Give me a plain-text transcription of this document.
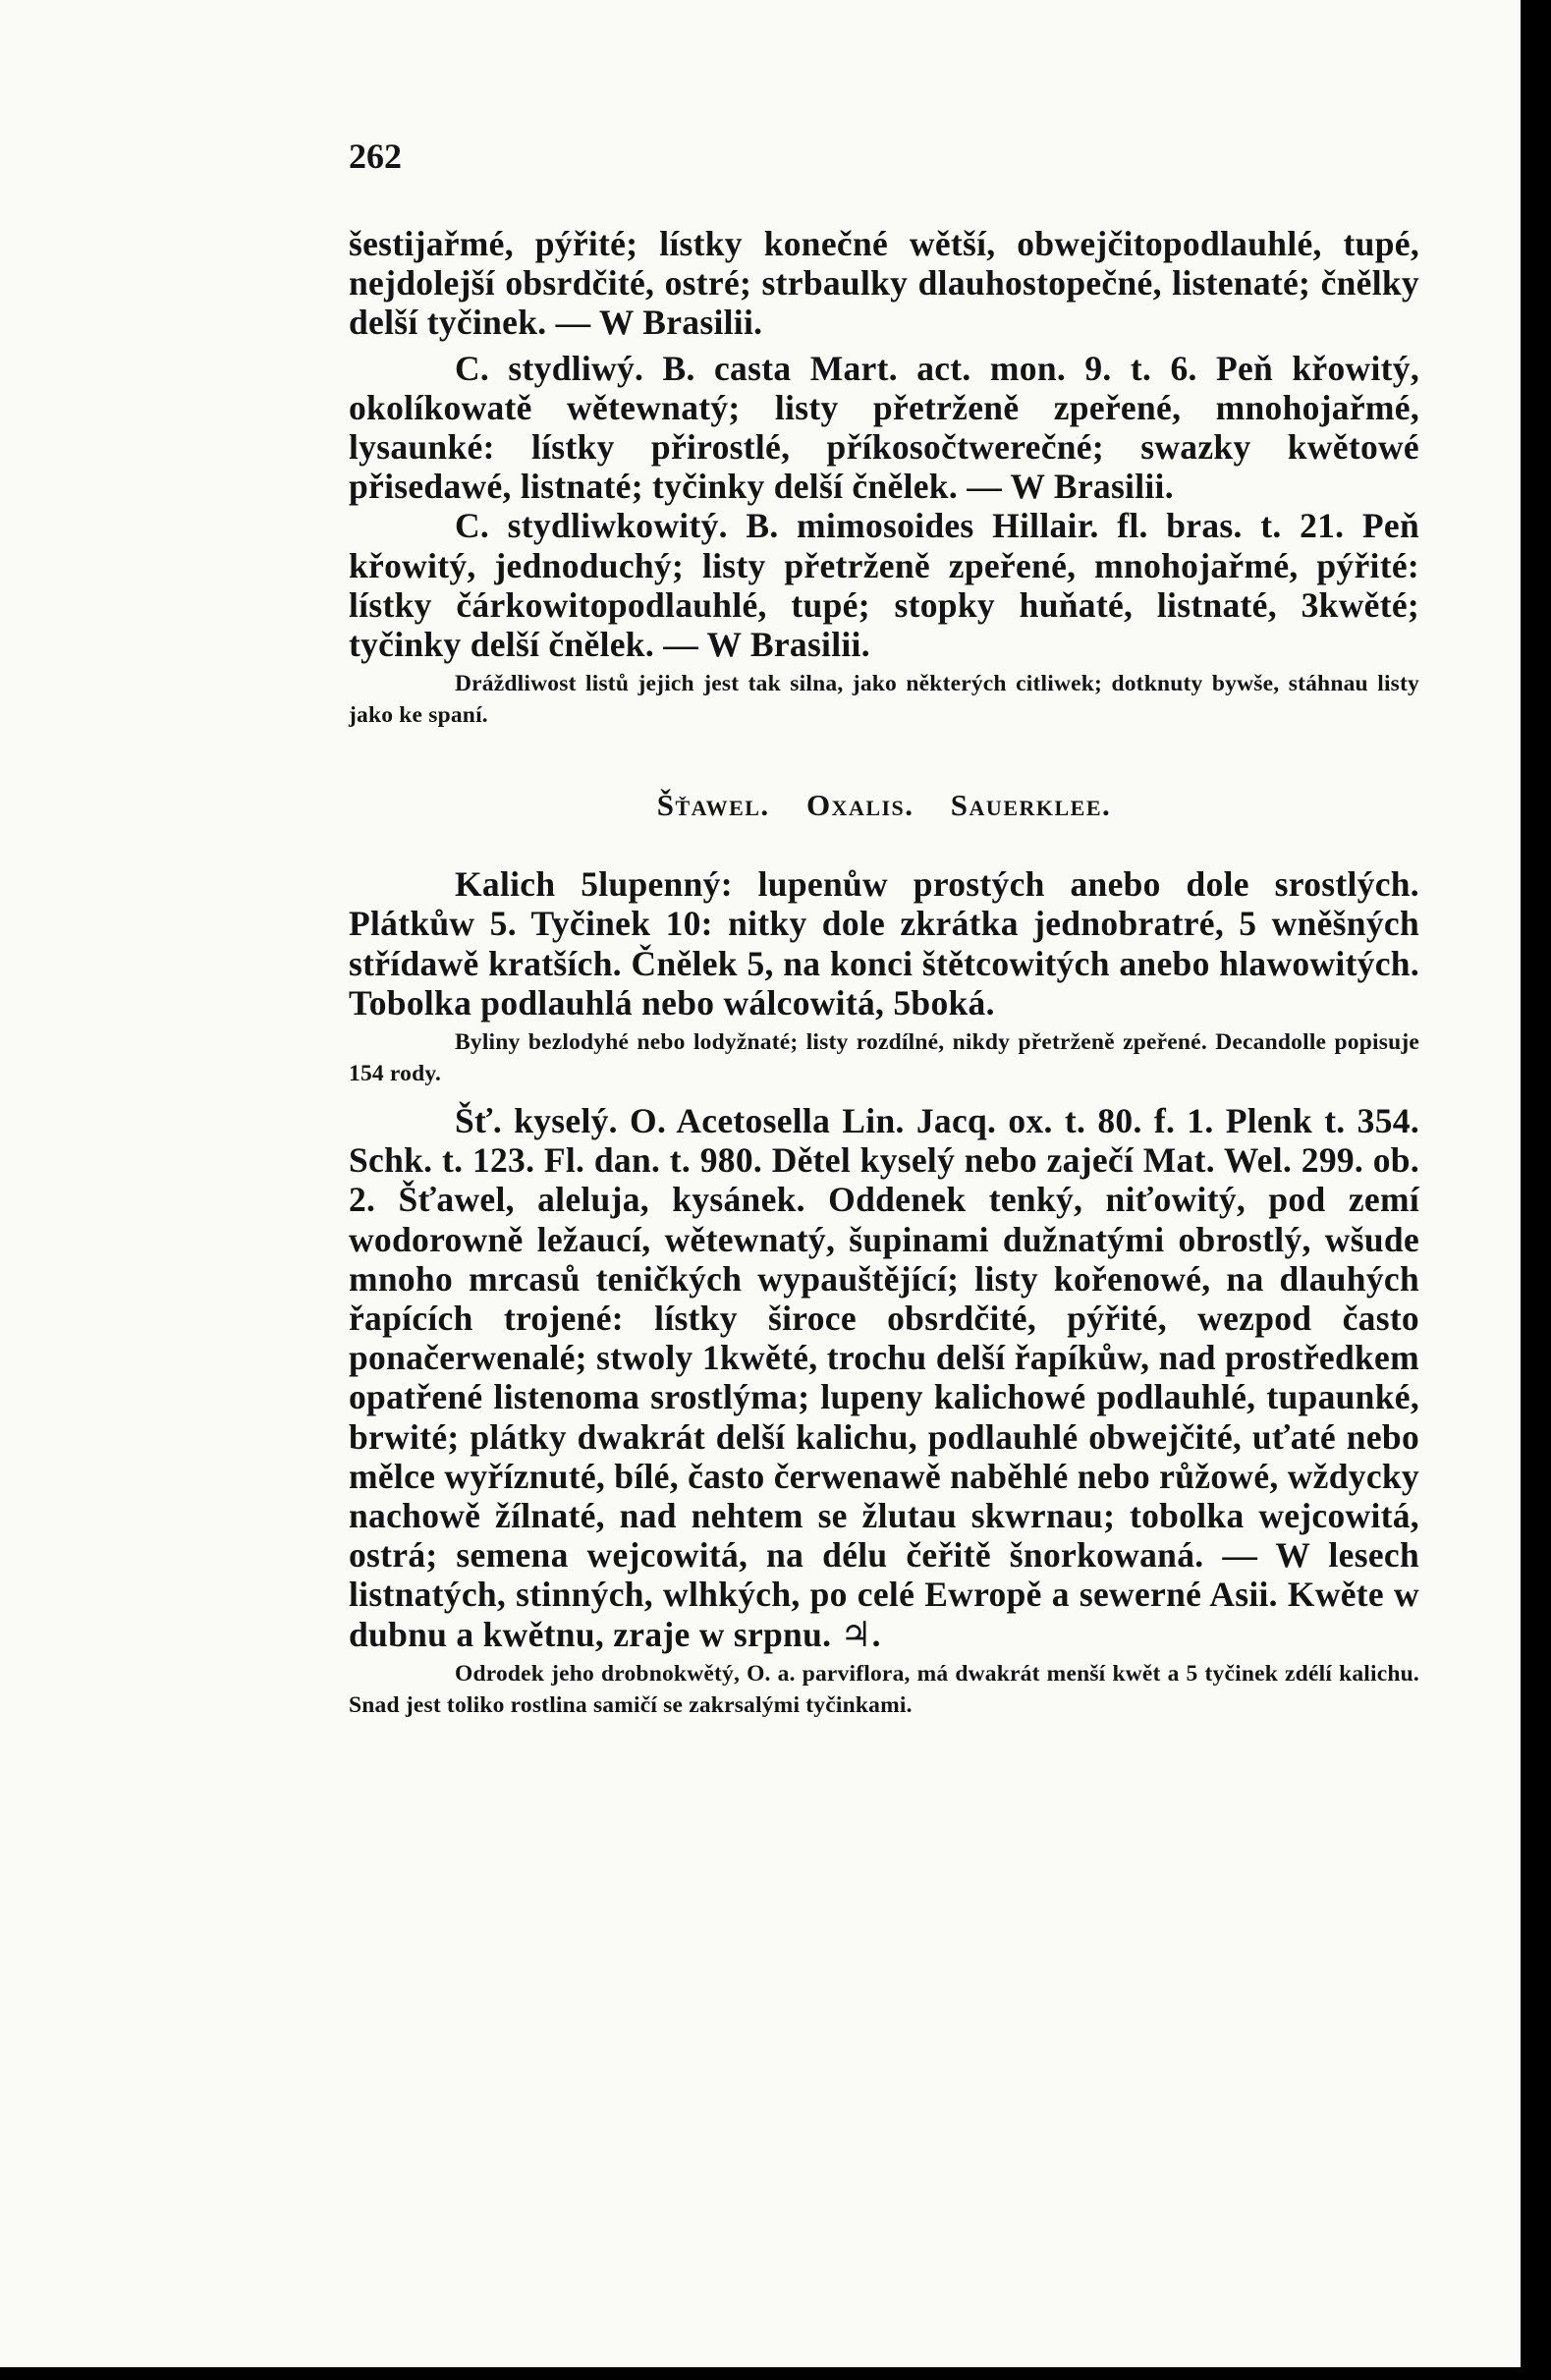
262

šestijařmé, pýřité; lístky konečné wětší, obwejčitopodlauhlé, tupé, nejdolejší obsrdčité, ostré; strbaulky dlauhostopečné, listenaté; čnělky delší tyčinek. — W Brasilii.

C. stydliwý. B. casta Mart. act. mon. 9. t. 6. Peň křowitý, okolíkowatě wětewnatý; listy přetrženě zpeřené, mnohojařmé, lysaunké: lístky přirostlé, příkosočtwerečné; swazky kwětowé přisedawé, listnaté; tyčinky delší čnělek. — W Brasilii.

C. stydliwkowitý. B. mimosoides Hillair. fl. bras. t. 21. Peň křowitý, jednoduchý; listy přetrženě zpeřené, mnohojařmé, pýřité: lístky čárkowitopodlauhlé, tupé; stopky huňaté, listnaté, 3kwěté; tyčinky delší čnělek. — W Brasilii.

Dráždliwost listů jejich jest tak silna, jako některých citliwek; dotknuty bywše, stáhnau listy jako ke spaní.

Šťawel. Oxalis. Sauerklee.

Kalich 5lupenný: lupenůw prostých anebo dole srostlých. Plátkůw 5. Tyčinek 10: nitky dole zkrátka jednobratré, 5 wněšných střídawě kratších. Čnělek 5, na konci štětcowitých anebo hlawowitých. Tobolka podlauhlá nebo wálcowitá, 5boká.

Byliny bezlodyhé nebo lodyžnaté; listy rozdílné, nikdy přetrženě zpeřené. Decandolle popisuje 154 rody.

Šť. kyselý. O. Acetosella Lin. Jacq. ox. t. 80. f. 1. Plenk t. 354. Schk. t. 123. Fl. dan. t. 980. Dětel kyselý nebo zaječí Mat. Wel. 299. ob. 2. Šťawel, aleluja, kysánek. Oddenek tenký, niťowitý, pod zemí wodorowně ležaucí, wětewnatý, šupinami dužnatými obrostlý, wšude mnoho mrcasů teničkých wypauštějící; listy kořenowé, na dlauhých řapících trojené: lístky široce obsrdčité, pýřité, wezpod často ponačerwenalé; stwoly 1kwěté, trochu delší řapíkůw, nad prostředkem opatřené listenoma srostlýma; lupeny kalichowé podlauhlé, tupaunké, brwité; plátky dwakrát delší kalichu, podlauhlé obwejčité, uťaté nebo mělce wyříznuté, bílé, často čerwenawě naběhlé nebo růžowé, wždycky nachowě žílnaté, nad nehtem se žlutau skwrnau; tobolka wejcowitá, ostrá; semena wejcowitá, na délu čeřitě šnorkowaná. — W lesech listnatých, stinných, wlhkých, po celé Ewropě a sewerné Asii. Kwěte w dubnu a kwětnu, zraje w srpnu. ♃.

Odrodek jeho drobnokwětý, O. a. parviflora, má dwakrát menší kwět a 5 tyčinek zdélí kalichu. Snad jest toliko rostlina samičí se zakrsalými tyčinkami.
